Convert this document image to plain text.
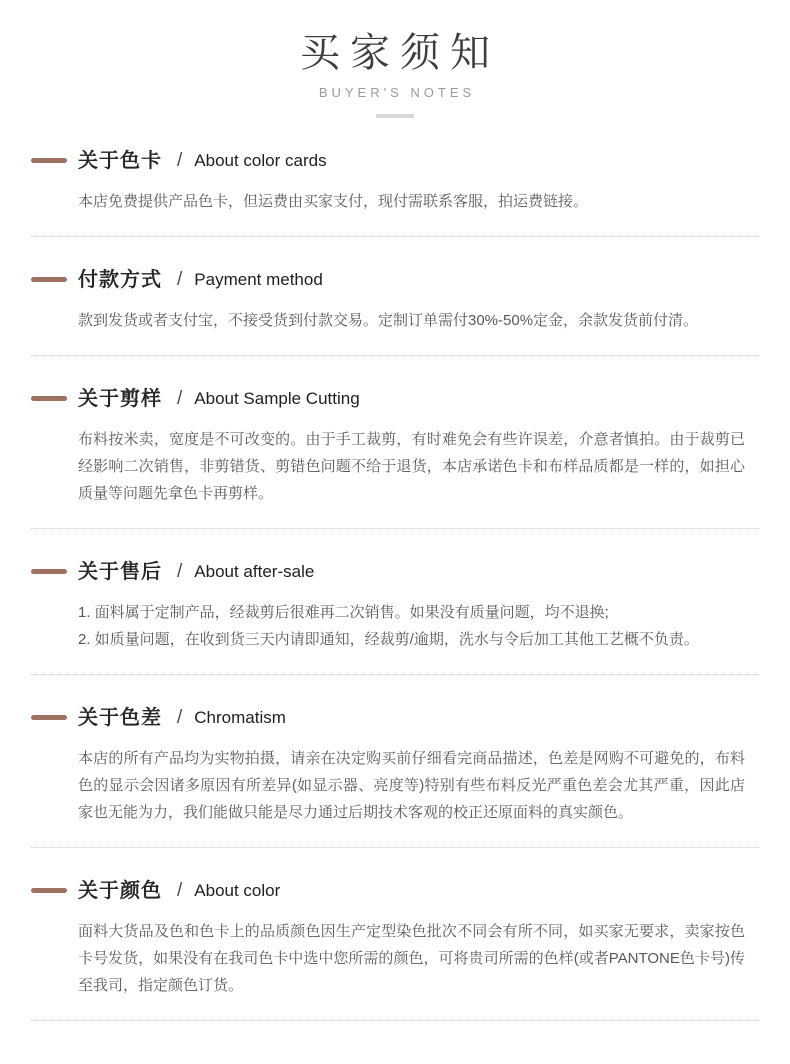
买家须知
BUYER'S NOTES
关于色卡 / About color cards
本店免费提供产品色卡，但运费由买家支付，现付需联系客服，拍运费链接。
付款方式 / Payment method
款到发货或者支付宝，不接受货到付款交易。定制订单需付30%-50%定金，余款发货前付清。
关于剪样 / About Sample Cutting
布料按米卖，宽度是不可改变的。由于手工裁剪，有时难免会有些许误差，介意者慎拍。由于裁剪已经影响二次销售，非剪错货、剪错色问题不给于退货，本店承诺色卡和布样品质都是一样的，如担心质量等问题先拿色卡再剪样。
关于售后 / About after-sale
1. 面料属于定制产品，经裁剪后很难再二次销售。如果没有质量问题，均不退换;
2. 如质量问题，在收到货三天内请即通知，经裁剪/逾期，洗水与令后加工其他工艺概不负责。
关于色差 / Chromatism
本店的所有产品均为实物拍摄，请亲在决定购买前仔细看完商品描述，色差是网购不可避免的，布料色的显示会因诸多原因有所差异(如显示器、亮度等)特别有些布料反光严重色差会尤其严重，因此店家也无能为力，我们能做只能是尽力通过后期技术客观的校正还原面料的真实颜色。
关于颜色 / About color
面料大货品及色和色卡上的品质颜色因生产定型染色批次不同会有所不同，如买家无要求，卖家按色卡号发货，如果没有在我司色卡中选中您所需的颜色，可将贵司所需的色样(或者PANTONE色卡号)传至我司，指定颜色订货。
